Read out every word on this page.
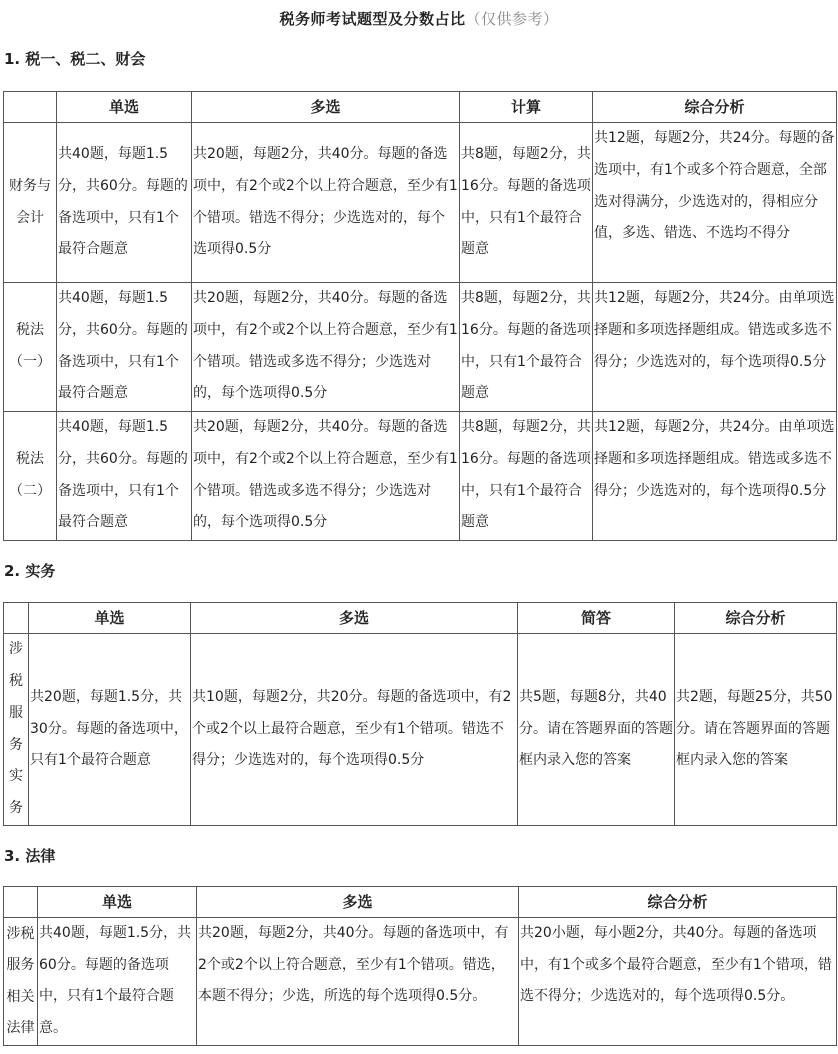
税务师考试题型及分数占比（仅供参考）
1. 税一、税二、财会
	单选	多选	计算	综合分析
财务与会计	共40题，每题1.5分，共60分。每题的备选项中，只有1个最符合题意	共20题，每题2分，共40分。每题的备选项中，有2个或2个以上符合题意，至少有1个错项。错选不得分；少选选对的，每个选项得0.5分	共8题，每题2分，共16分。每题的备选项中，只有1个最符合题意	共12题，每题2分，共24分。每题的备选项中，有1个或多个符合题意，全部选对得满分，少选选对的，得相应分值，多选、错选、不选均不得分
税法（一）	共40题，每题1.5分，共60分。每题的备选项中，只有1个最符合题意	共20题，每题2分，共40分。每题的备选项中，有2个或2个以上符合题意，至少有1个错项。错选或多选不得分；少选选对的，每个选项得0.5分	共8题，每题2分，共16分。每题的备选项中，只有1个最符合题意	共12题，每题2分，共24分。由单项选择题和多项选择题组成。错选或多选不得分；少选选对的，每个选项得0.5分
税法（二）	共40题，每题1.5分，共60分。每题的备选项中，只有1个最符合题意	共20题，每题2分，共40分。每题的备选项中，有2个或2个以上符合题意，至少有1个错项。错选或多选不得分；少选选对的，每个选项得0.5分	共8题，每题2分，共16分。每题的备选项中，只有1个最符合题意	共12题，每题2分，共24分。由单项选择题和多项选择题组成。错选或多选不得分；少选选对的，每个选项得0.5分
2. 实务
	单选	多选	简答	综合分析
涉税服务实务	共20题，每题1.5分，共30分。每题的备选项中，只有1个最符合题意	共10题，每题2分，共20分。每题的备选项中，有2个或2个以上最符合题意，至少有1个错项。错选不得分；少选选对的，每个选项得0.5分	共5题，每题8分，共40分。请在答题界面的答题框内录入您的答案	共2题，每题25分，共50分。请在答题界面的答题框内录入您的答案
3. 法律
	单选	多选	综合分析
涉税服务相关法律	共40题，每题1.5分，共60分。每题的备选项中，只有1个最符合题意。	共20题，每题2分，共40分。每题的备选项中，有2个或2个以上符合题意，至少有1个错项。错选，本题不得分；少选，所选的每个选项得0.5分。	共20小题，每小题2分，共40分。每题的备选项中，有1个或多个最符合题意，至少有1个错项，错选不得分；少选选对的，每个选项得0.5分。
